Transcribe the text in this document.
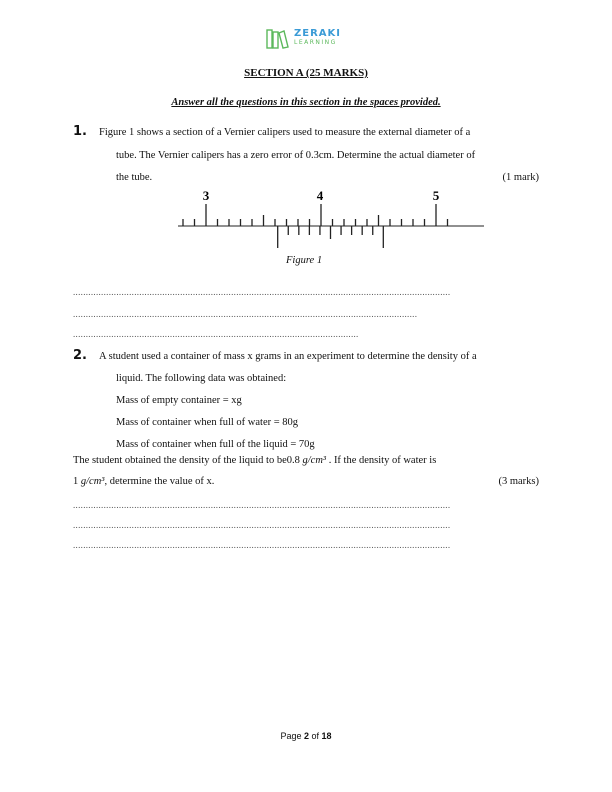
ZERAKI
LEARNING
SECTION A (25 MARKS)
Answer all the questions in this section in the spaces provided.
1. Figure 1 shows a section of a Vernier calipers used to measure the external diameter of a
tube. The Vernier calipers has a zero error of 0.3cm. Determine the actual diameter of
the tube.	(1 mark)
3	4	5
Figure 1
....................................................................................................................................................
.......................................................................................................................................
................................................................................................................
2. A student used a container of mass x grams in an experiment to determine the density of a
liquid. The following data was obtained:
Mass of empty container = xg
Mass of container when full of water = 80g
Mass of container when full of the liquid = 70g
The student obtained the density of the liquid to be0.8 g/cm³ . If the density of water is
1 g/cm³, determine the value of x.	(3 marks)
....................................................................................................................................................
....................................................................................................................................................
....................................................................................................................................................
Page 2 of 18
